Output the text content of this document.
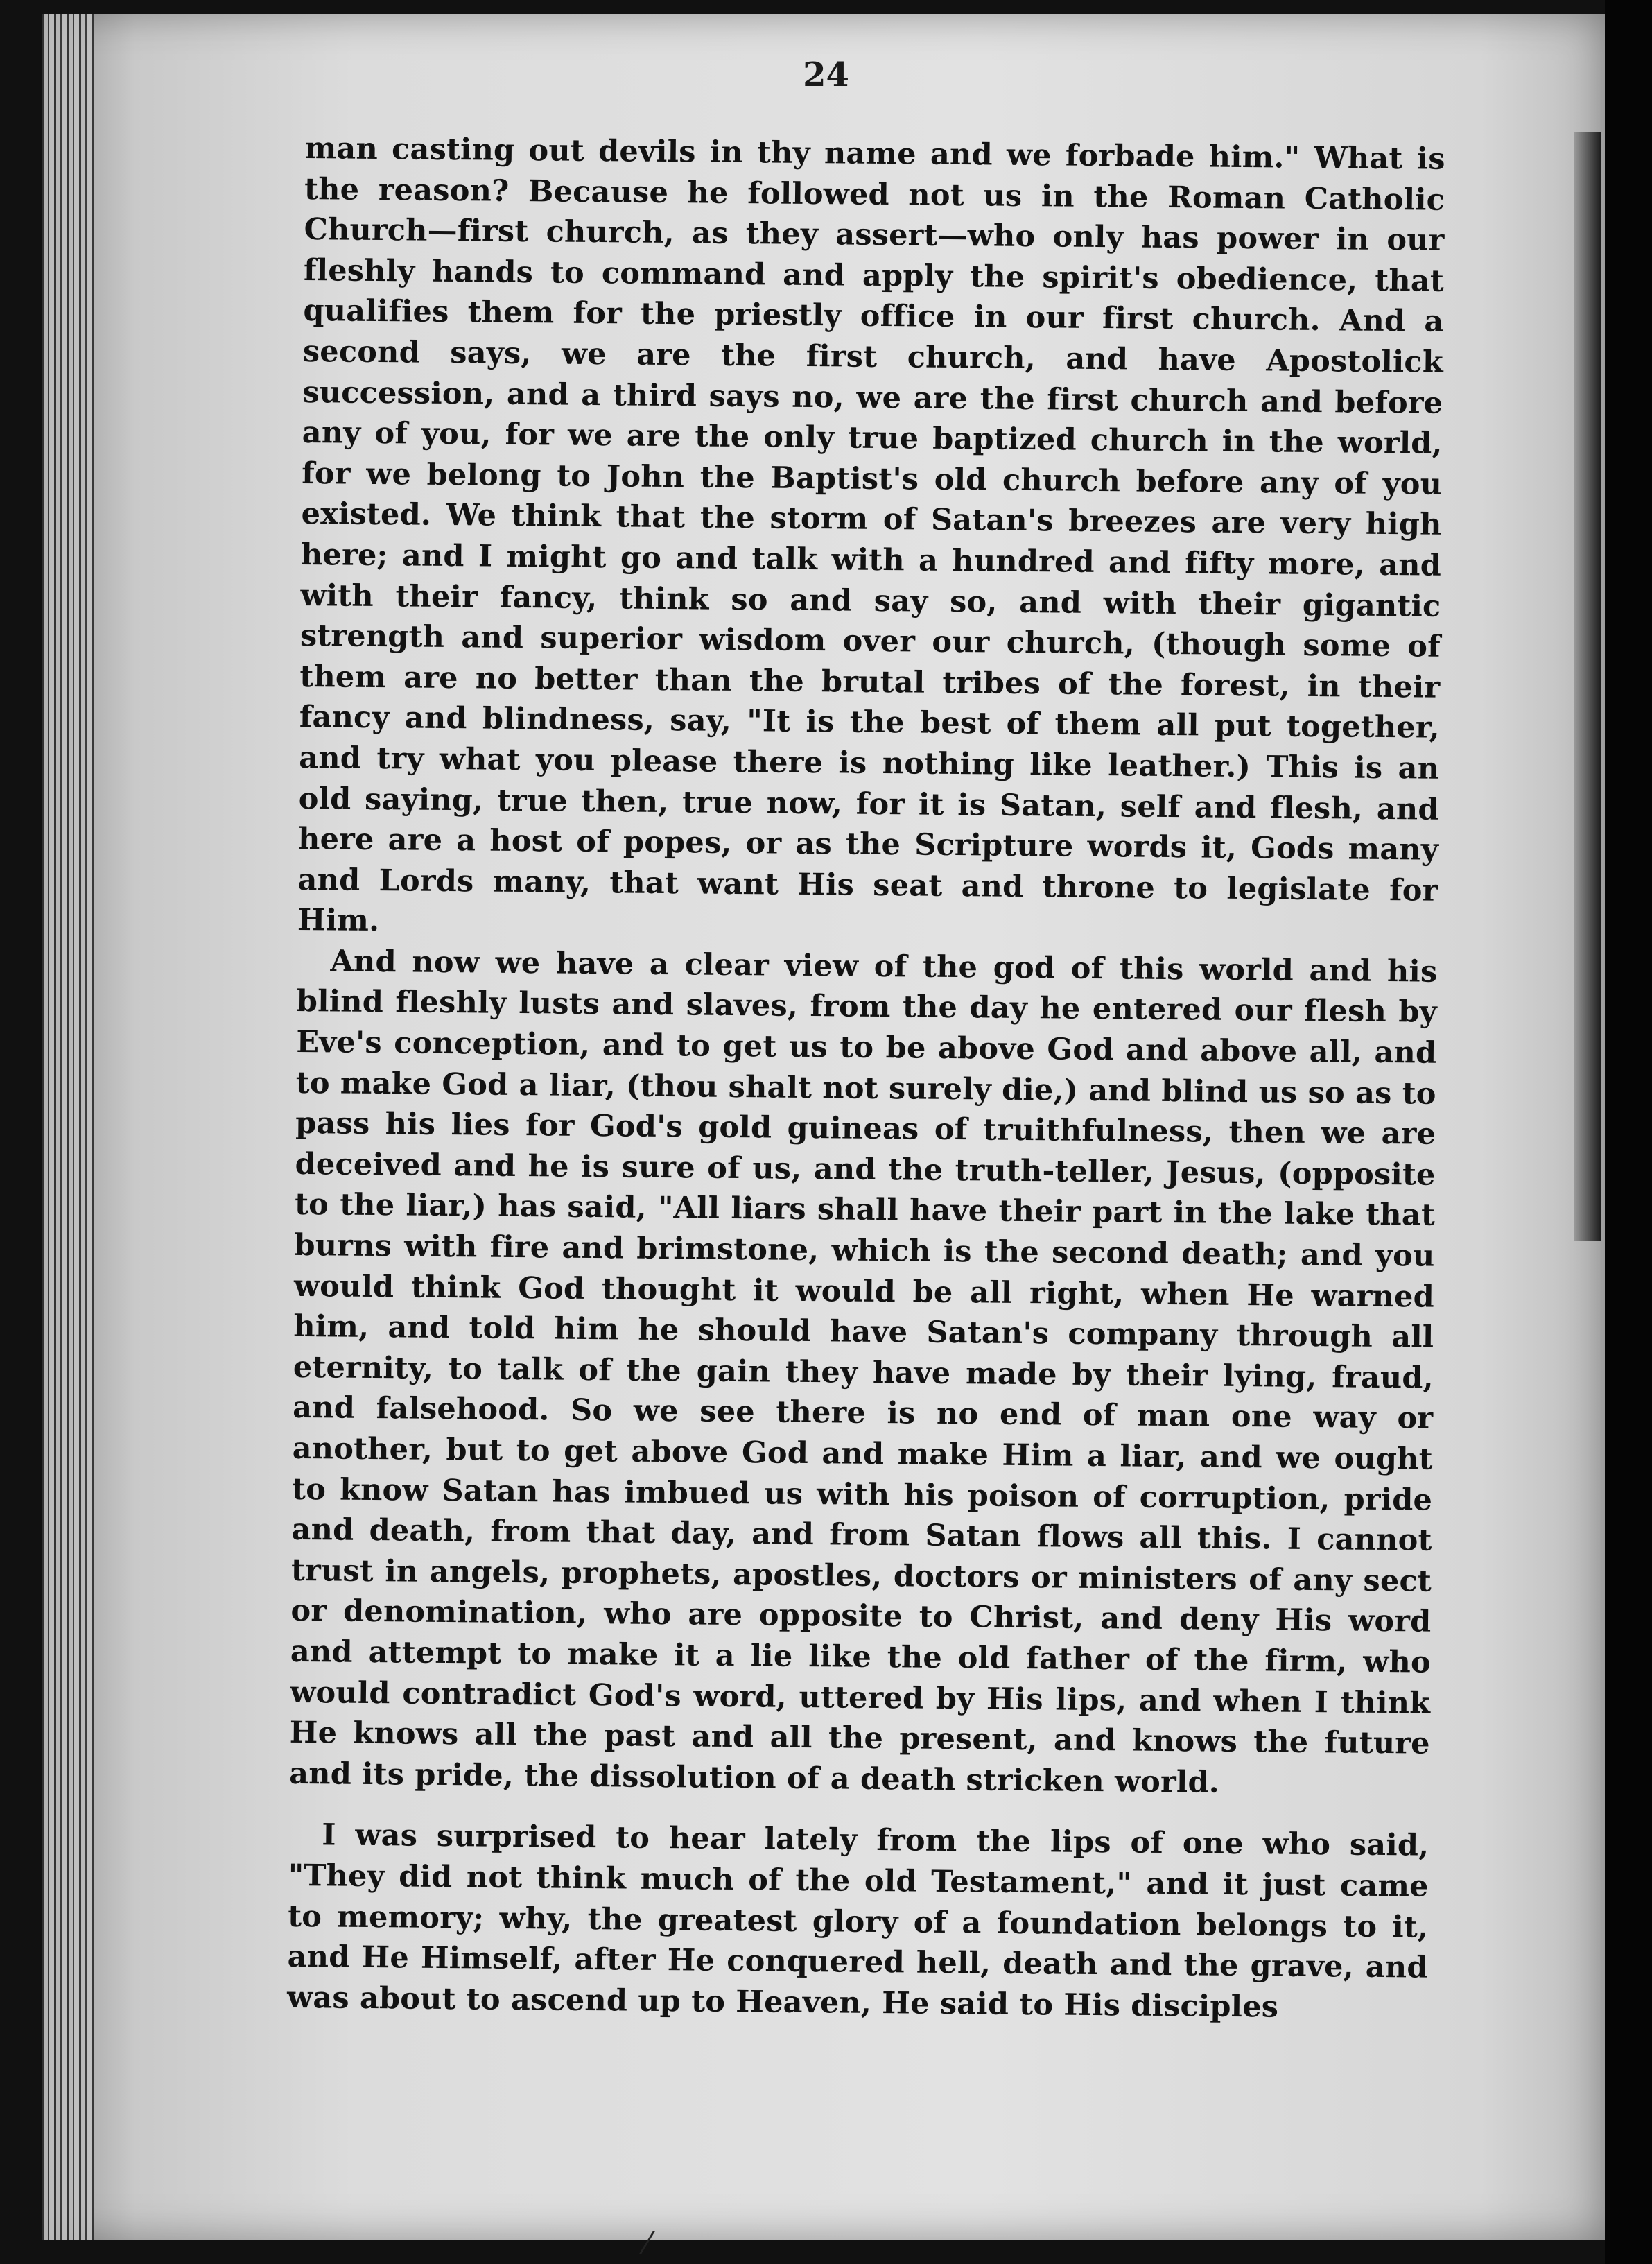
24

man casting out devils in thy name and we forbade him." What is the reason? Because he followed not us in the Roman Catholic Church—first church, as they assert—who only has power in our fleshly hands to command and apply the spirit's obedience, that qualifies them for the priestly office in our first church. And a second says, we are the first church, and have Apostolick succession, and a third says no, we are the first church and before any of you, for we are the only true baptized church in the world, for we belong to John the Baptist's old church before any of you existed. We think that the storm of Satan's breezes are very high here; and I might go and talk with a hundred and fifty more, and with their fancy, think so and say so, and with their gigantic strength and superior wisdom over our church, (though some of them are no better than the brutal tribes of the forest, in their fancy and blindness, say, "It is the best of them all put together, and try what you please there is nothing like leather.) This is an old saying, true then, true now, for it is Satan, self and flesh, and here are a host of popes, or as the Scripture words it, Gods many and Lords many, that want His seat and throne to legislate for Him.

And now we have a clear view of the god of this world and his blind fleshly lusts and slaves, from the day he entered our flesh by Eve's conception, and to get us to be above God and above all, and to make God a liar, (thou shalt not surely die,) and blind us so as to pass his lies for God's gold guineas of truithfulness, then we are deceived and he is sure of us, and the truth-teller, Jesus, (opposite to the liar,) has said, "All liars shall have their part in the lake that burns with fire and brimstone, which is the second death; and you would think God thought it would be all right, when He warned him, and told him he should have Satan's company through all eternity, to talk of the gain they have made by their lying, fraud, and falsehood. So we see there is no end of man one way or another, but to get above God and make Him a liar, and we ought to know Satan has imbued us with his poison of corruption, pride and death, from that day, and from Satan flows all this. I cannot trust in angels, prophets, apostles, doctors or ministers of any sect or denomination, who are opposite to Christ, and deny His word and attempt to make it a lie like the old father of the firm, who would contradict God's word, uttered by His lips, and when I think He knows all the past and all the present, and knows the future and its pride, the dissolution of a death stricken world.

I was surprised to hear lately from the lips of one who said, "They did not think much of the old Testament," and it just came to memory; why, the greatest glory of a foundation belongs to it, and He Himself, after He conquered hell, death and the grave, and was about to ascend up to Heaven, He said to His disciples

⁄
